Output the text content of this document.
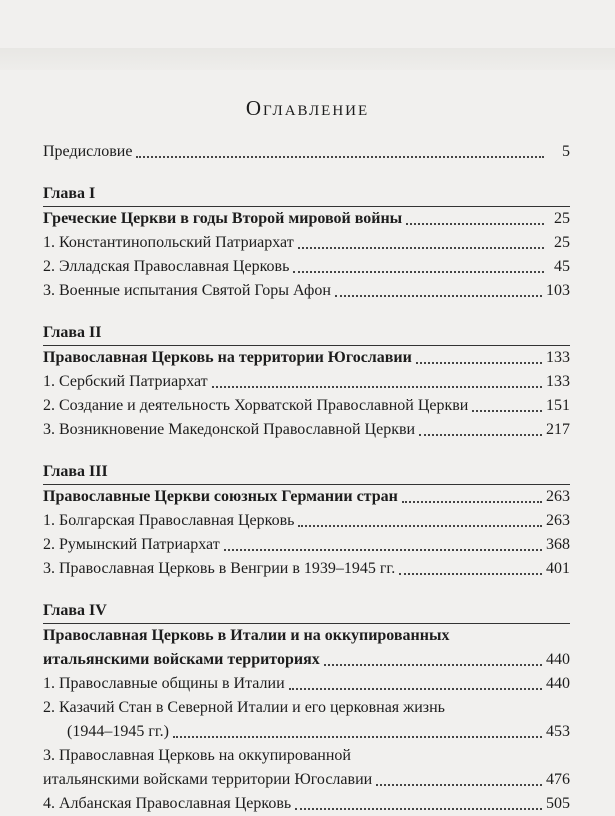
Оглавление
Предисловие	5
Глава I
Греческие Церкви в годы Второй мировой войны	25
1. Константинопольский Патриархат	25
2. Элладская Православная Церковь	45
3. Военные испытания Святой Горы Афон	103
Глава II
Православная Церковь на территории Югославии	133
1. Сербский Патриархат	133
2. Создание и деятельность Хорватской Православной Церкви	151
3. Возникновение Македонской Православной Церкви	217
Глава III
Православные Церкви союзных Германии стран	263
1. Болгарская Православная Церковь	263
2. Румынский Патриархат	368
3. Православная Церковь в Венгрии в 1939–1945 гг.	401
Глава IV
Православная Церковь в Италии и на оккупированных
итальянскими войсками территориях	440
1. Православные общины в Италии	440
2. Казачий Стан в Северной Италии и его церковная жизнь
(1944–1945 гг.)	453
3. Православная Церковь на оккупированной
итальянскими войсками территории Югославии	476
4. Албанская Православная Церковь	505
